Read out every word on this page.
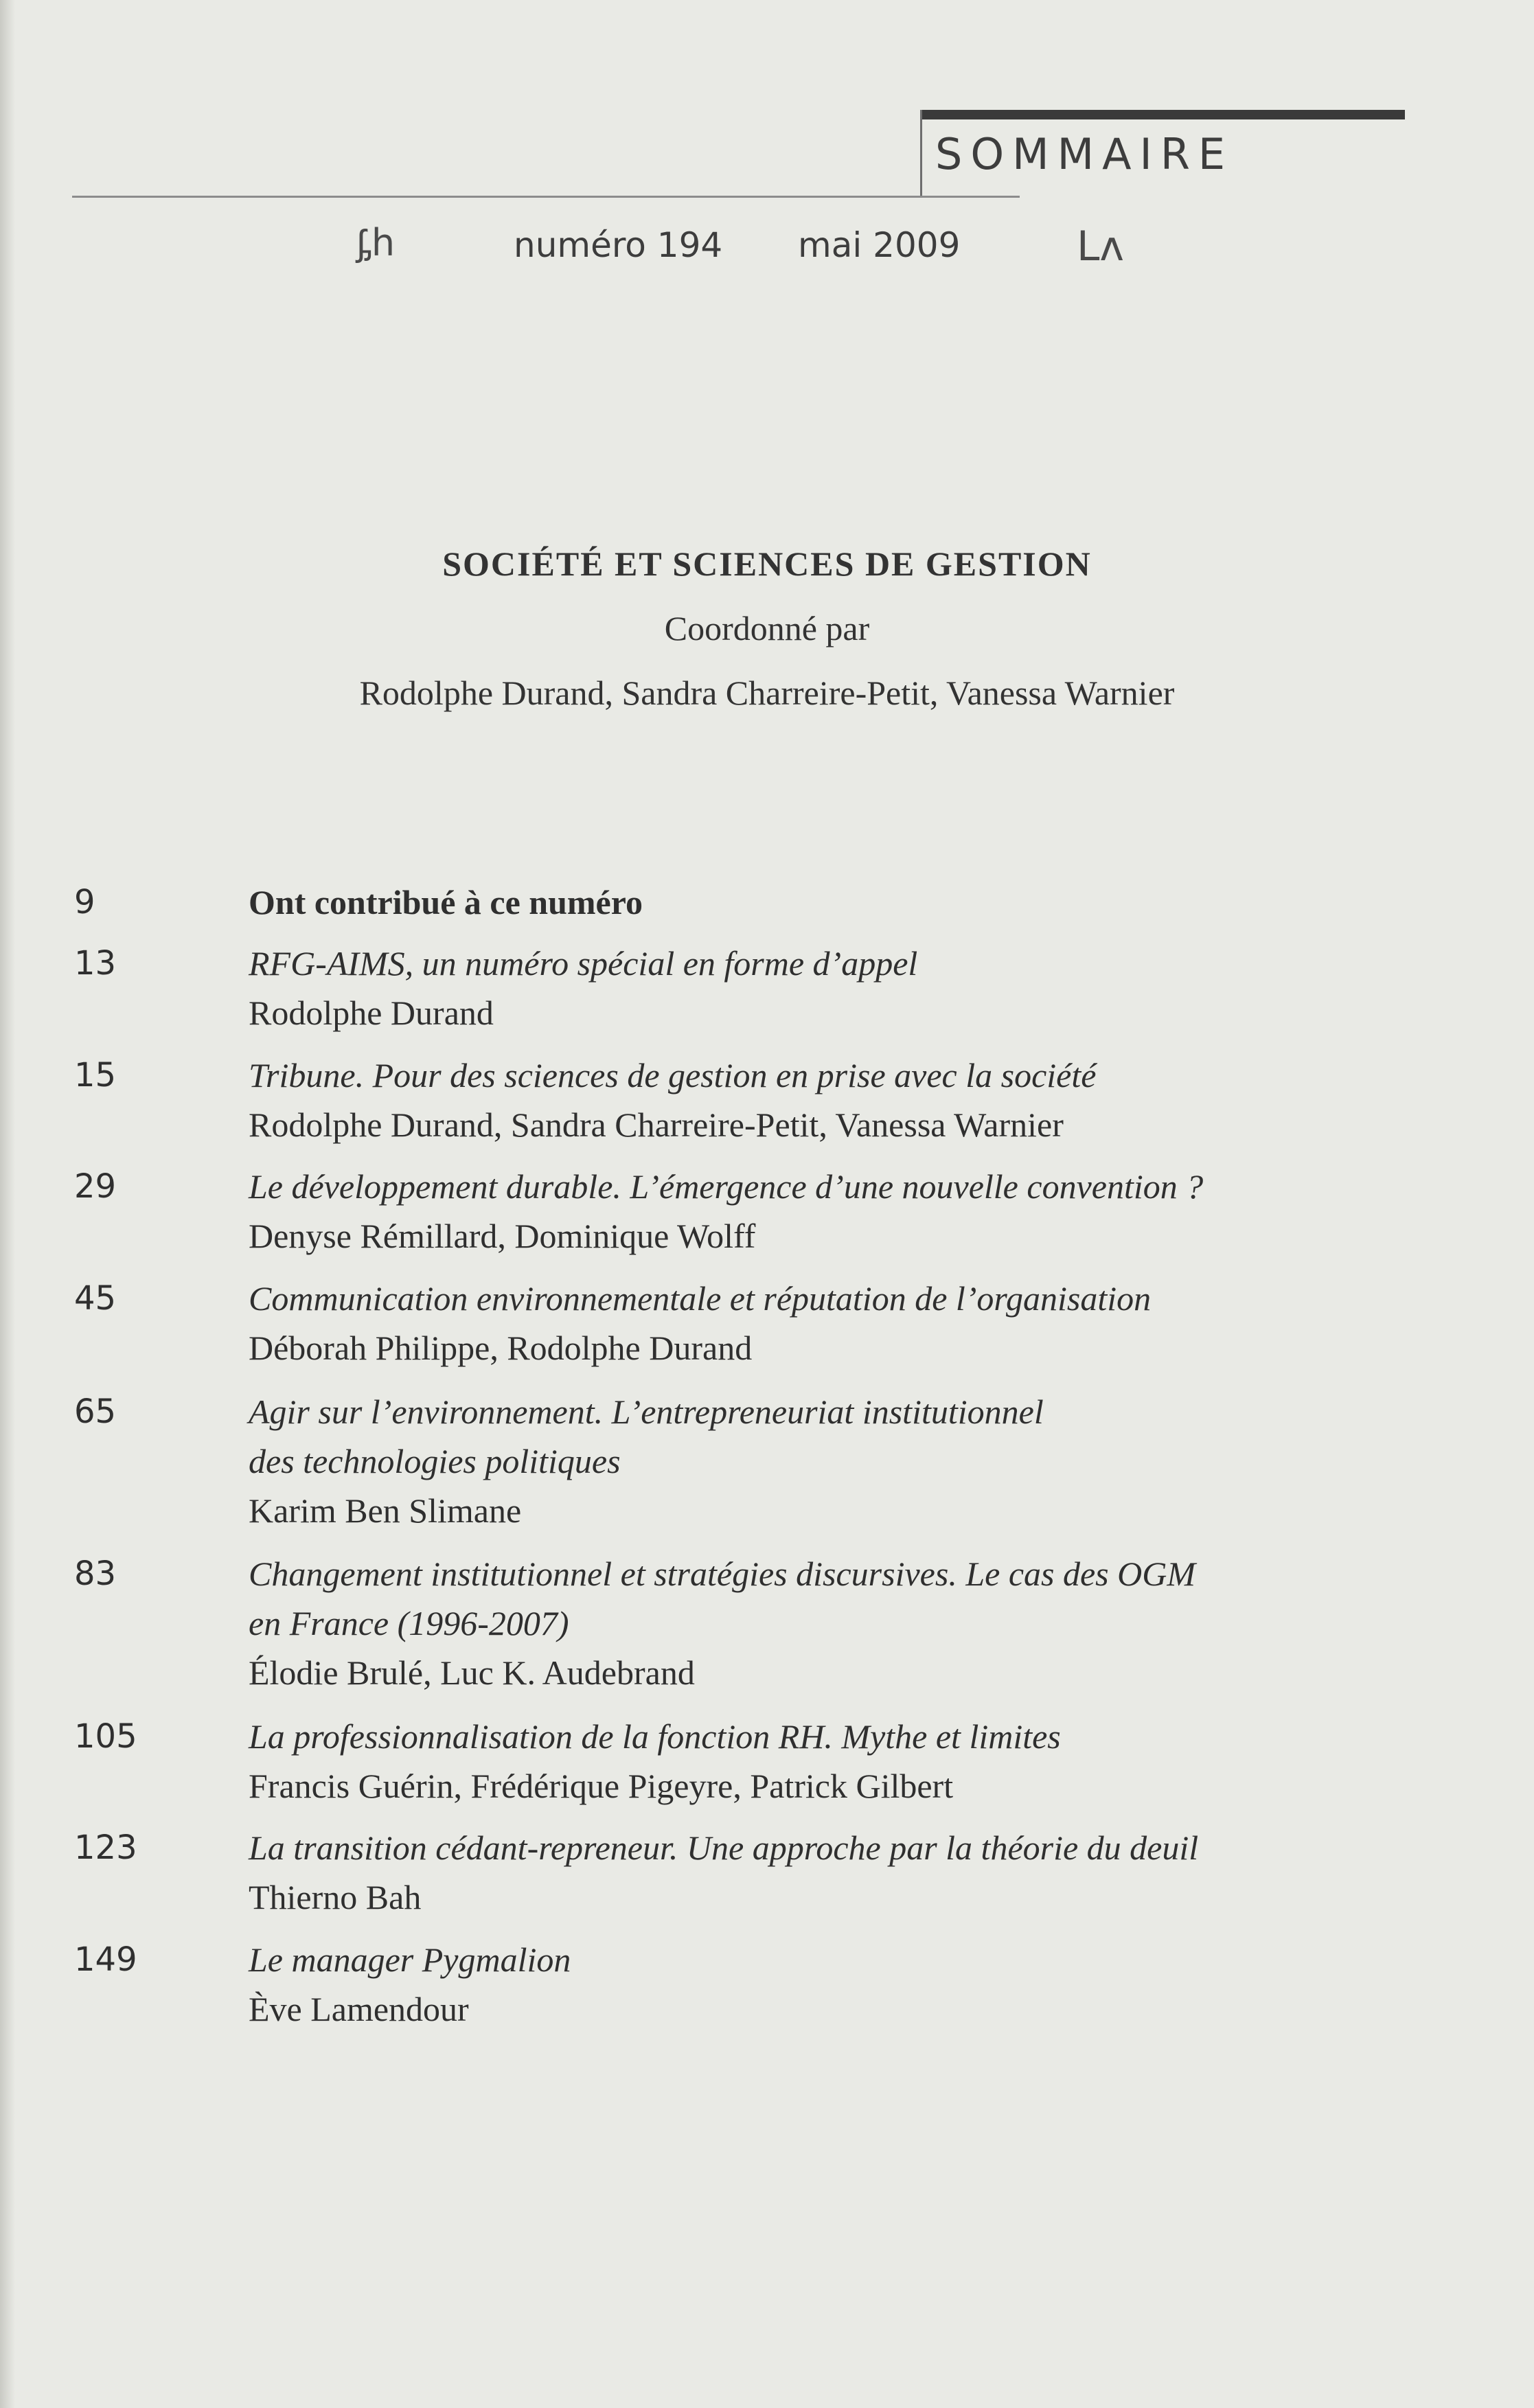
SOMMAIRE
ᶋh	numéro 194 mai 2009	Lʌ
SOCIÉTÉ ET SCIENCES DE GESTION
Coordonné par
Rodolphe Durand, Sandra Charreire-Petit, Vanessa Warnier
9	Ont contribué à ce numéro
13	RFG-AIMS, un numéro spécial en forme d’appel
Rodolphe Durand
15	Tribune. Pour des sciences de gestion en prise avec la société
Rodolphe Durand, Sandra Charreire-Petit, Vanessa Warnier
29	Le développement durable. L’émergence d’une nouvelle convention ?
Denyse Rémillard, Dominique Wolff
45	Communication environnementale et réputation de l’organisation
Déborah Philippe, Rodolphe Durand
65	Agir sur l’environnement. L’entrepreneuriat institutionnel
des technologies politiques
Karim Ben Slimane
83	Changement institutionnel et stratégies discursives. Le cas des OGM
en France (1996-2007)
Élodie Brulé, Luc K. Audebrand
105	La professionnalisation de la fonction RH. Mythe et limites
Francis Guérin, Frédérique Pigeyre, Patrick Gilbert
123	La transition cédant-repreneur. Une approche par la théorie du deuil
Thierno Bah
149	Le manager Pygmalion
Ève Lamendour
